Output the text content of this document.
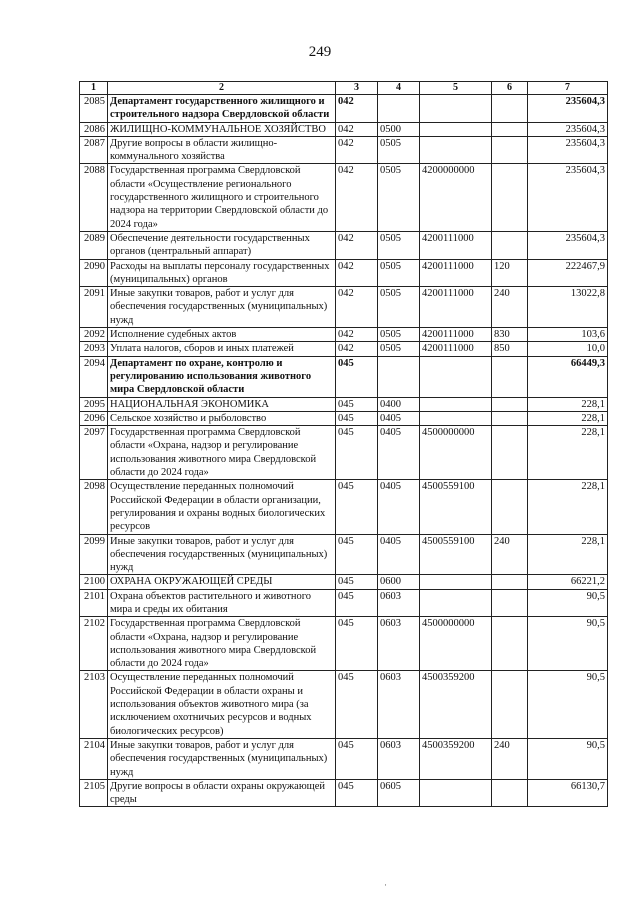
249
1	2	3	4	5	6	7
2085	Департамент государственного жилищного и строительного надзора Свердловской области	042				235604,3
2086	ЖИЛИЩНО-КОММУНАЛЬНОЕ ХОЗЯЙСТВО	042	0500			235604,3
2087	Другие вопросы в области жилищно-коммунального хозяйства	042	0505			235604,3
2088	Государственная программа Свердловской области «Осуществление регионального государственного жилищного и строительного надзора на территории Свердловской области до 2024 года»	042	0505	4200000000		235604,3
2089	Обеспечение деятельности государственных органов (центральный аппарат)	042	0505	4200111000		235604,3
2090	Расходы на выплаты персоналу государственных (муниципальных) органов	042	0505	4200111000	120	222467,9
2091	Иные закупки товаров, работ и услуг для обеспечения государственных (муниципальных) нужд	042	0505	4200111000	240	13022,8
2092	Исполнение судебных актов	042	0505	4200111000	830	103,6
2093	Уплата налогов, сборов и иных платежей	042	0505	4200111000	850	10,0
2094	Департамент по охране, контролю и регулированию использования животного мира Свердловской области	045				66449,3
2095	НАЦИОНАЛЬНАЯ ЭКОНОМИКА	045	0400			228,1
2096	Сельское хозяйство и рыболовство	045	0405			228,1
2097	Государственная программа Свердловской области «Охрана, надзор и регулирование использования животного мира Свердловской области до 2024 года»	045	0405	4500000000		228,1
2098	Осуществление переданных полномочий Российской Федерации в области организации, регулирования и охраны водных биологических ресурсов	045	0405	4500559100		228,1
2099	Иные закупки товаров, работ и услуг для обеспечения государственных (муниципальных) нужд	045	0405	4500559100	240	228,1
2100	ОХРАНА ОКРУЖАЮЩЕЙ СРЕДЫ	045	0600			66221,2
2101	Охрана объектов растительного и животного мира и среды их обитания	045	0603			90,5
2102	Государственная программа Свердловской области «Охрана, надзор и регулирование использования животного мира Свердловской области до 2024 года»	045	0603	4500000000		90,5
2103	Осуществление переданных полномочий Российской Федерации в области охраны и использования объектов животного мира (за исключением охотничьих ресурсов и водных биологических ресурсов)	045	0603	4500359200		90,5
2104	Иные закупки товаров, работ и услуг для обеспечения государственных (муниципальных) нужд	045	0603	4500359200	240	90,5
2105	Другие вопросы в области охраны окружающей среды	045	0605			66130,7
·
